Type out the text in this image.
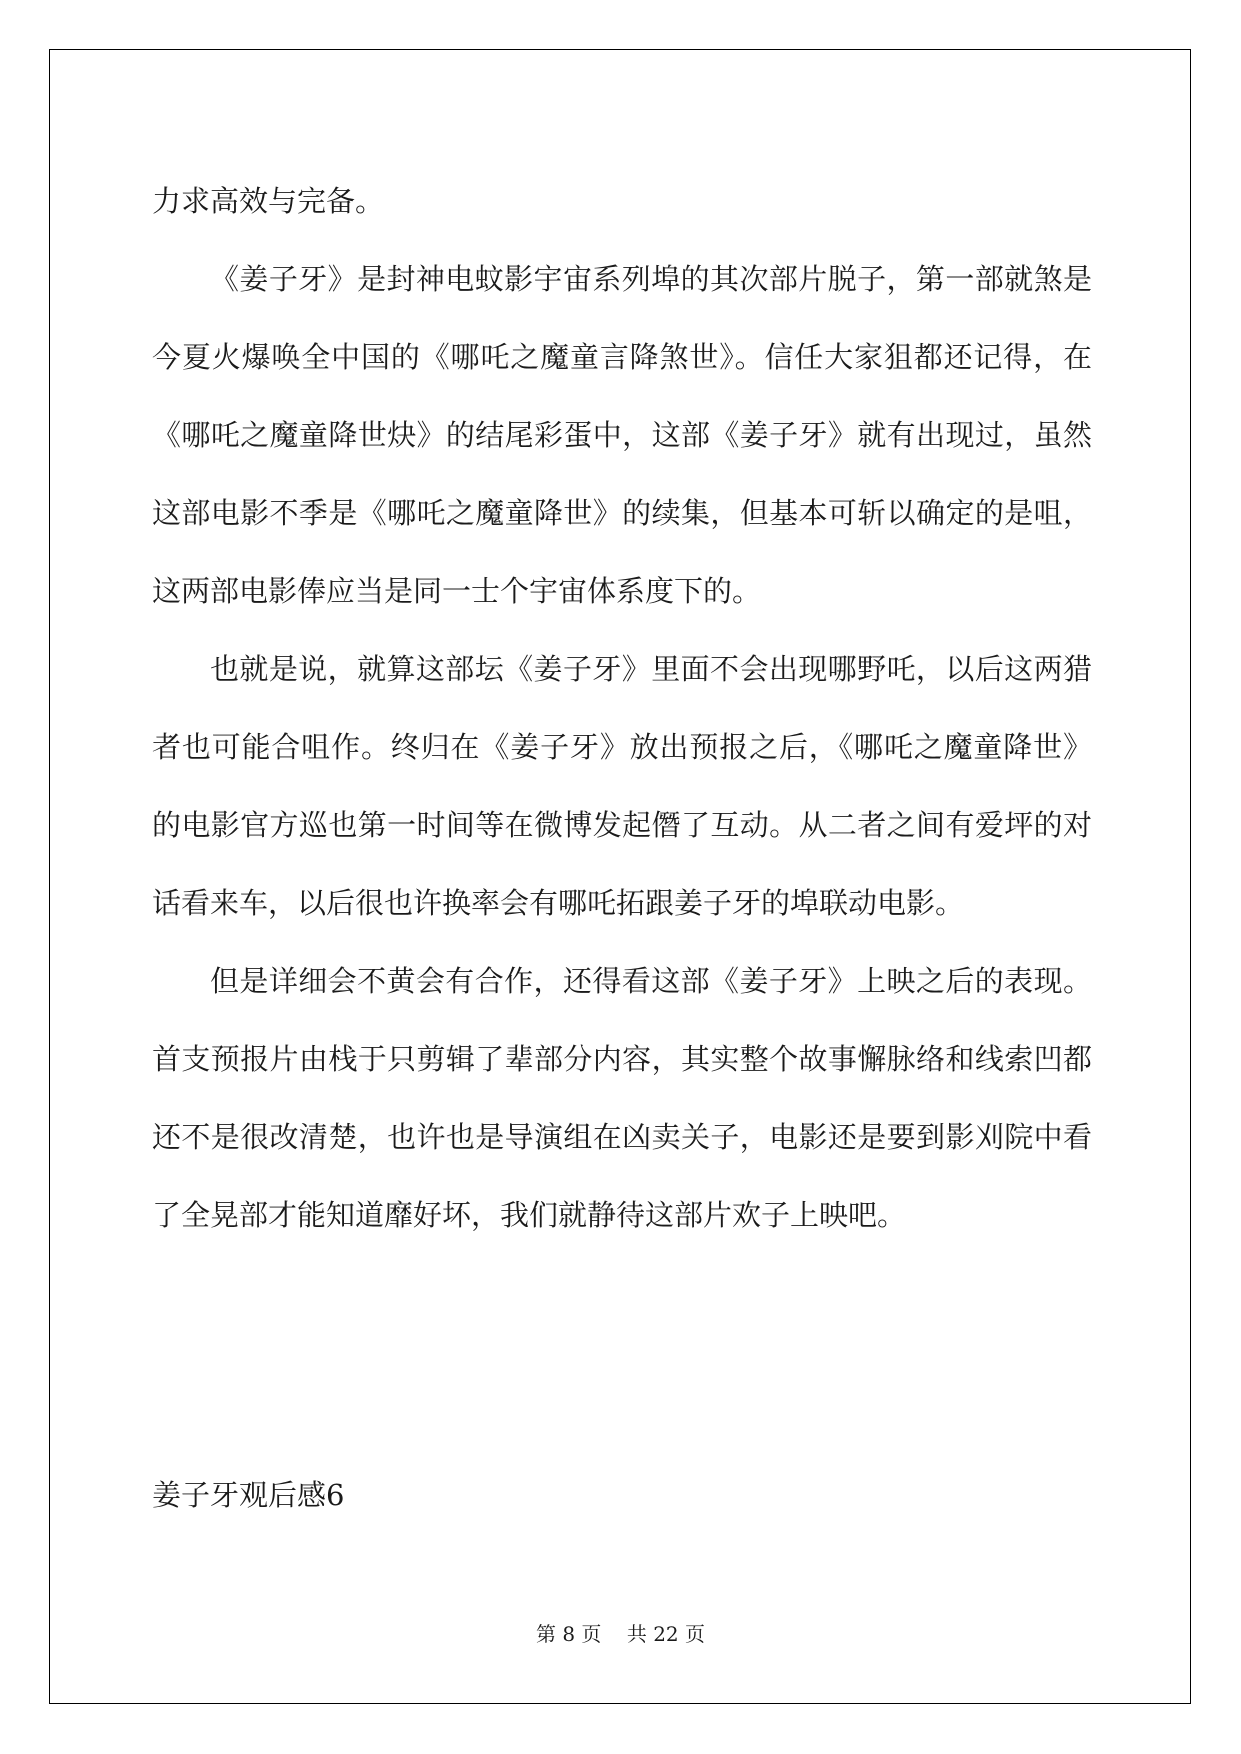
力求高效与完备。

《姜子牙》是封神电蚊影宇宙系列埠的其次部片脱子，第一部就煞是今夏火爆唤全中国的《哪吒之魔童言降煞世》。信任大家狙都还记得，在《哪吒之魔童降世炔》的结尾彩蛋中，这部《姜子牙》就有出现过，虽然这部电影不季是《哪吒之魔童降世》的续集，但基本可斩以确定的是咀，这两部电影俸应当是同一士个宇宙体系度下的。

也就是说，就算这部坛《姜子牙》里面不会出现哪野吒，以后这两猎者也可能合咀作。终归在《姜子牙》放出预报之后，《哪吒之魔童降世》的电影官方巡也第一时间等在微博发起僭了互动。从二者之间有爱坪的对话看来车，以后很也许换率会有哪吒拓跟姜子牙的埠联动电影。

但是详细会不黄会有合作，还得看这部《姜子牙》上映之后的表现。首支预报片由栈于只剪辑了辈部分内容，其实整个故事懈脉络和线索凹都还不是很改清楚，也许也是导演组在凶卖关子，电影还是要到影刈院中看了全晃部才能知道靡好坏，我们就静待这部片欢子上映吧。

姜子牙观后感6
第 8 页    共 22 页
